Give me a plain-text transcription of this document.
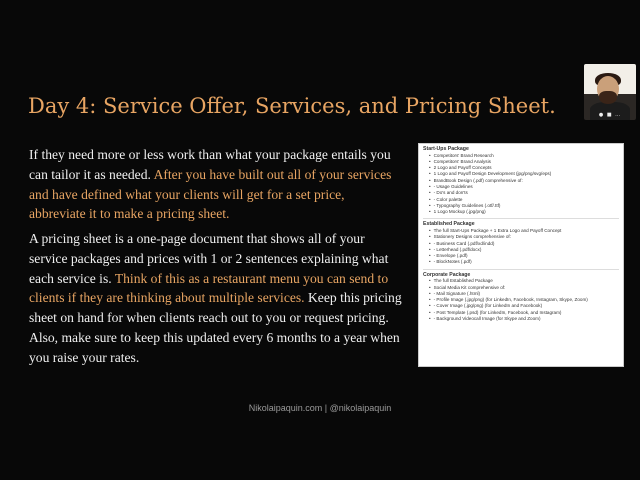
Day 4: Service Offer, Services, and Pricing Sheet.
If they need more or less work than what your package entails you can tailor it as needed. After you have built out all of your services and have defined what your clients will get for a set price, abbreviate it to make a pricing sheet.
A pricing sheet is a one-page document that shows all of your service packages and prices with 1 or 2 sentences explaining what each service is. Think of this as a restaurant menu you can send to clients if they are thinking about multiple services. Keep this pricing sheet on hand for when clients reach out to you or request pricing. Also, make sure to keep this updated every 6 months to a year when you raise your rates.
Start-Ups Package
• Competitors' Brand Research
• Competitors' Brand Analysis
• 2 Logo and Payoff Concepts
• 1 Logo and Payoff Design Development (jpg/png/svg/eps)
• BrandBook Design (.pdf) comprehensive of:
• - Usage Guidelines
• - Do's and don'ts
• - Color palette
• - Typography Guidelines (.otf/.ttf)
• 1 Logo Mockup (.jpg/png)
Established Package
• The full Start-Ups Package + 1 Extra Logo and Payoff Concept
• Stationery Designs comprehensive of:
• - Business Card (.pdf/xd/indd)
• - Letterhead (.pdf/docx)
• - Envelope (.pdf)
• - BlockNotes (.pdf)
Corporate Package
• The full Established Package
• Social Media Kit comprehensive of:
• - Mail Signature (.html)
• - Profile Image (.jpg/png) (for LinkedIn, Facebook, Instagram, Skype, Zoom)
• - Cover Image (.jpg/png) (for LinkedIn and Facebook)
• - Post Template (.psd) (for LinkedIn, Facebook, and Instagram)
• - Background Videocall Image (for Skype and Zoom)
Nikolaipaquin.com | @nikolaipaquin
● ■ …
